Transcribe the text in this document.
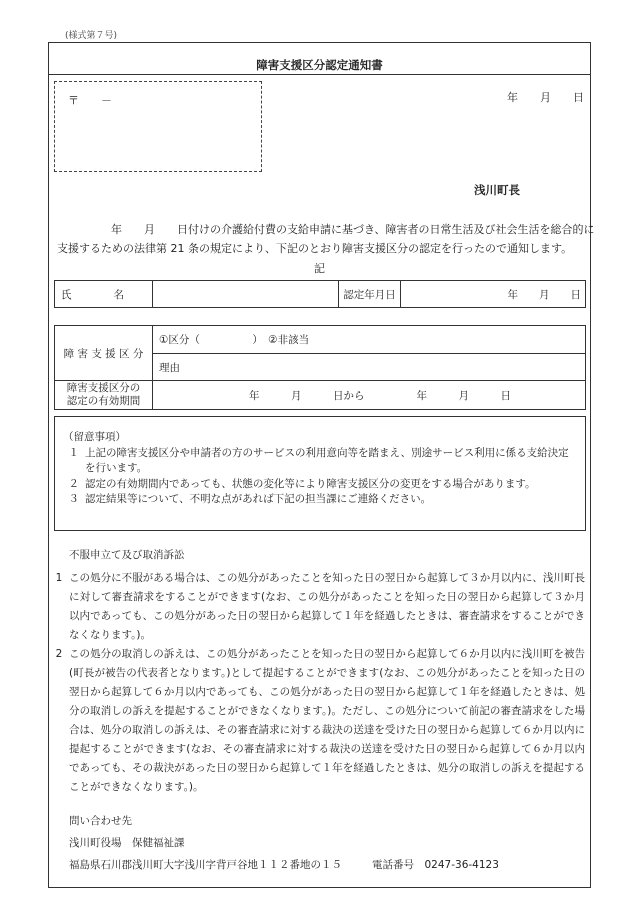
(様式第７号)
障害支援区分認定通知書
〒　　－	年　　月　　日
浅川町長
年　　月　　日付けの介護給付費の支給申請に基づき、障害者の日常生活及び社会生活を総合的に
支援するための法律第 21 条の規定により、下記のとおり障害支援区分の認定を行ったので通知します。
記
氏　　　　名		認定年月日	年　　月　　日
障 害 支 援 区 分	①区分（　　　　　）　②非該当	
	理由	

障害支援区分の
認定の有効期間	年　　　月　　　日から	年　　　月　　　日
（留意事項）
１ 上記の障害支援区分や申請者の方のサービスの利用意向等を踏まえ、別途サービス利用に係る支給決定を行います。
２ 認定の有効期間内であっても、状態の変化等により障害支援区分の変更をする場合があります。
３ 認定結果等について、不明な点があれば下記の担当課にご連絡ください。
不服申立て及び取消訴訟
1 この処分に不服がある場合は、この処分があったことを知った日の翌日から起算して３か月以内に、浅川町長に対して審査請求をすることができます(なお、この処分があったことを知った日の翌日から起算して３か月以内であっても、この処分があった日の翌日から起算して１年を経過したときは、審査請求をすることができなくなります。)。
2 この処分の取消しの訴えは、この処分があったことを知った日の翌日から起算して６か月以内に浅川町を被告(町長が被告の代表者となります。)として提起することができます(なお、この処分があったことを知った日の翌日から起算して６か月以内であっても、この処分があった日の翌日から起算して１年を経過したときは、処分の取消しの訴えを提起することができなくなります。)。ただし、この処分について前記の審査請求をした場合は、処分の取消しの訴えは、その審査請求に対する裁決の送達を受けた日の翌日から起算して６か月以内に提起することができます(なお、その審査請求に対する裁決の送達を受けた日の翌日から起算して６か月以内であっても、その裁決があった日の翌日から起算して１年を経過したときは、処分の取消しの訴えを提起することができなくなります。)。
問い合わせ先
浅川町役場　保健福祉課
福島県石川郡浅川町大字浅川字背戸谷地１１２番地の１５	電話番号　0247-36-4123
